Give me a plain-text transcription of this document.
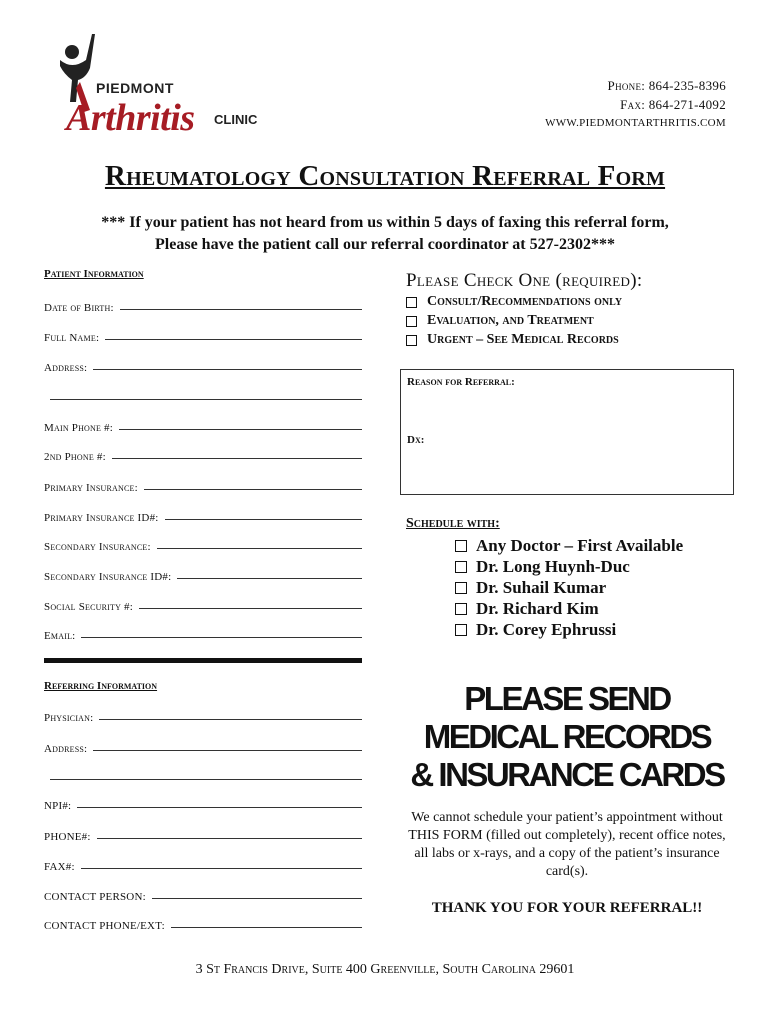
PIEDMONT
Arthritis CLINIC
Phone: 864-235-8396
Fax: 864-271-4092
WWW.PIEDMONTARTHRITIS.COM
Rheumatology Consultation Referral Form
*** If your patient has not heard from us within 5 days of faxing this referral form,
Please have the patient call our referral coordinator at 527-2302***
Patient Information
Date of Birth:
Full Name:
Address:
Main Phone #:
2nd Phone #:
Primary Insurance:
Primary Insurance ID#:
Secondary Insurance:
Secondary Insurance ID#:
Social Security #:
Email:
Referring Information
Physician:
Address:
NPI#:
PHONE#:
FAX#:
CONTACT PERSON:
CONTACT PHONE/EXT:
Please Check One (required):
Consult/Recommendations only
Evaluation, and Treatment
Urgent – See Medical Records
Reason for Referral:
Dx:
Schedule with:
Any Doctor – First Available
Dr. Long Huynh-Duc
Dr. Suhail Kumar
Dr. Richard Kim
Dr. Corey Ephrussi
PLEASE SEND
MEDICAL RECORDS
& INSURANCE CARDS
We cannot schedule your patient’s appointment without THIS FORM (filled out completely), recent office notes, all labs or x-rays, and a copy of the patient’s insurance card(s).
THANK YOU FOR YOUR REFERRAL!!
3 St Francis Drive, Suite 400 Greenville, South Carolina 29601
